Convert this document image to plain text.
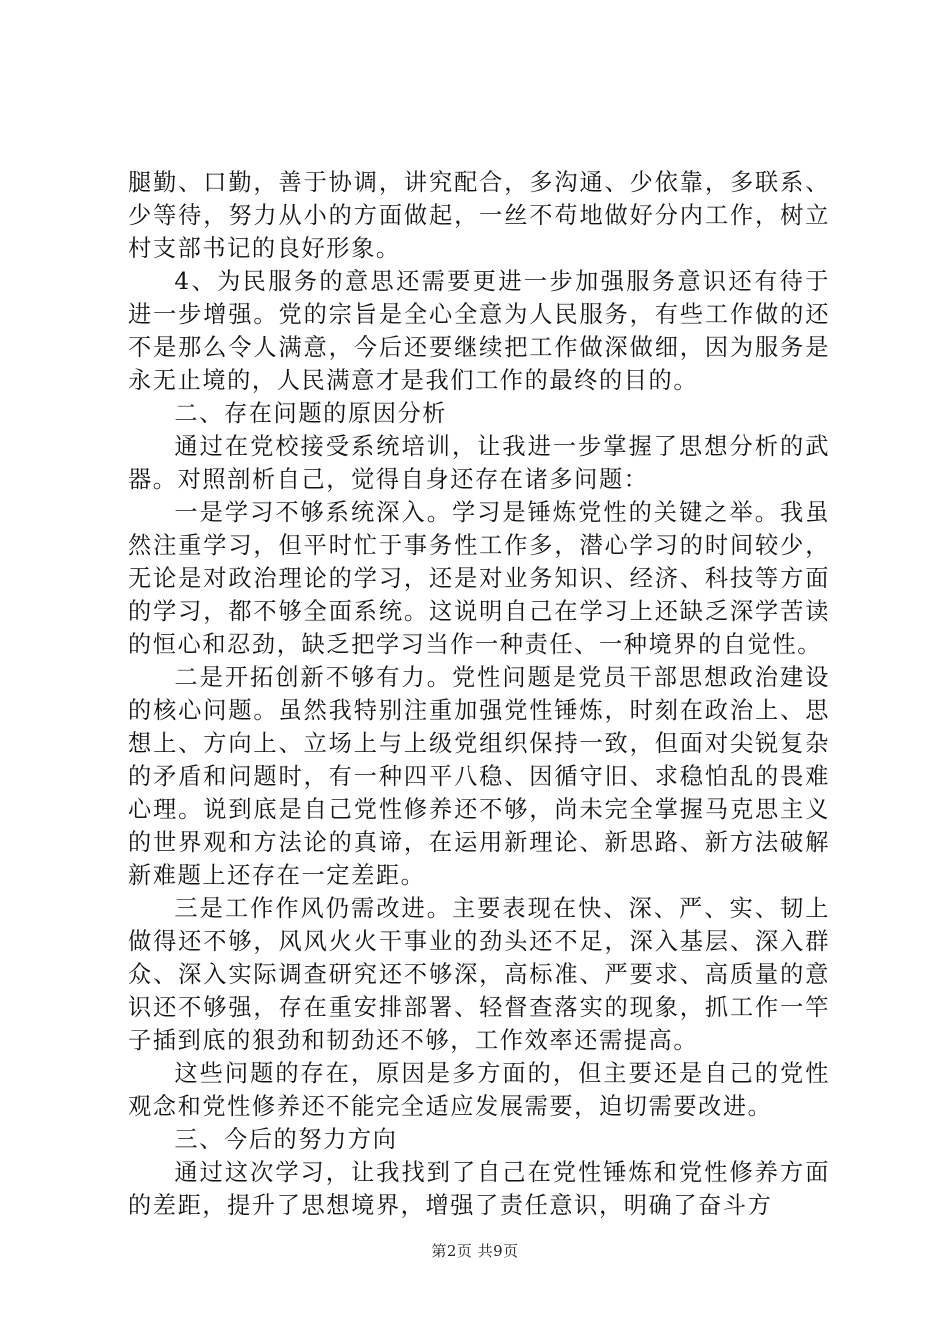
腿勤、口勤，善于协调，讲究配合，多沟通、少依靠，多联系、少等待，努力从小的方面做起，一丝不苟地做好分内工作，树立村支部书记的良好形象。

4、为民服务的意思还需要更进一步加强服务意识还有待于进一步增强。党的宗旨是全心全意为人民服务，有些工作做的还不是那么令人满意，今后还要继续把工作做深做细，因为服务是永无止境的，人民满意才是我们工作的最终的目的。

二、存在问题的原因分析

通过在党校接受系统培训，让我进一步掌握了思想分析的武器。对照剖析自己，觉得自身还存在诸多问题：

一是学习不够系统深入。学习是锤炼党性的关键之举。我虽然注重学习，但平时忙于事务性工作多，潜心学习的时间较少，无论是对政治理论的学习，还是对业务知识、经济、科技等方面的学习，都不够全面系统。这说明自己在学习上还缺乏深学苦读的恒心和忍劲，缺乏把学习当作一种责任、一种境界的自觉性。

二是开拓创新不够有力。党性问题是党员干部思想政治建设的核心问题。虽然我特别注重加强党性锤炼，时刻在政治上、思想上、方向上、立场上与上级党组织保持一致，但面对尖锐复杂的矛盾和问题时，有一种四平八稳、因循守旧、求稳怕乱的畏难心理。说到底是自己党性修养还不够，尚未完全掌握马克思主义的世界观和方法论的真谛，在运用新理论、新思路、新方法破解新难题上还存在一定差距。

三是工作作风仍需改进。主要表现在快、深、严、实、韧上做得还不够，风风火火干事业的劲头还不足，深入基层、深入群众、深入实际调查研究还不够深，高标准、严要求、高质量的意识还不够强，存在重安排部署、轻督查落实的现象，抓工作一竿子插到底的狠劲和韧劲还不够，工作效率还需提高。

这些问题的存在，原因是多方面的，但主要还是自己的党性观念和党性修养还不能完全适应发展需要，迫切需要改进。

三、今后的努力方向

通过这次学习，让我找到了自己在党性锤炼和党性修养方面的差距，提升了思想境界，增强了责任意识，明确了奋斗方

第2页 共9页
